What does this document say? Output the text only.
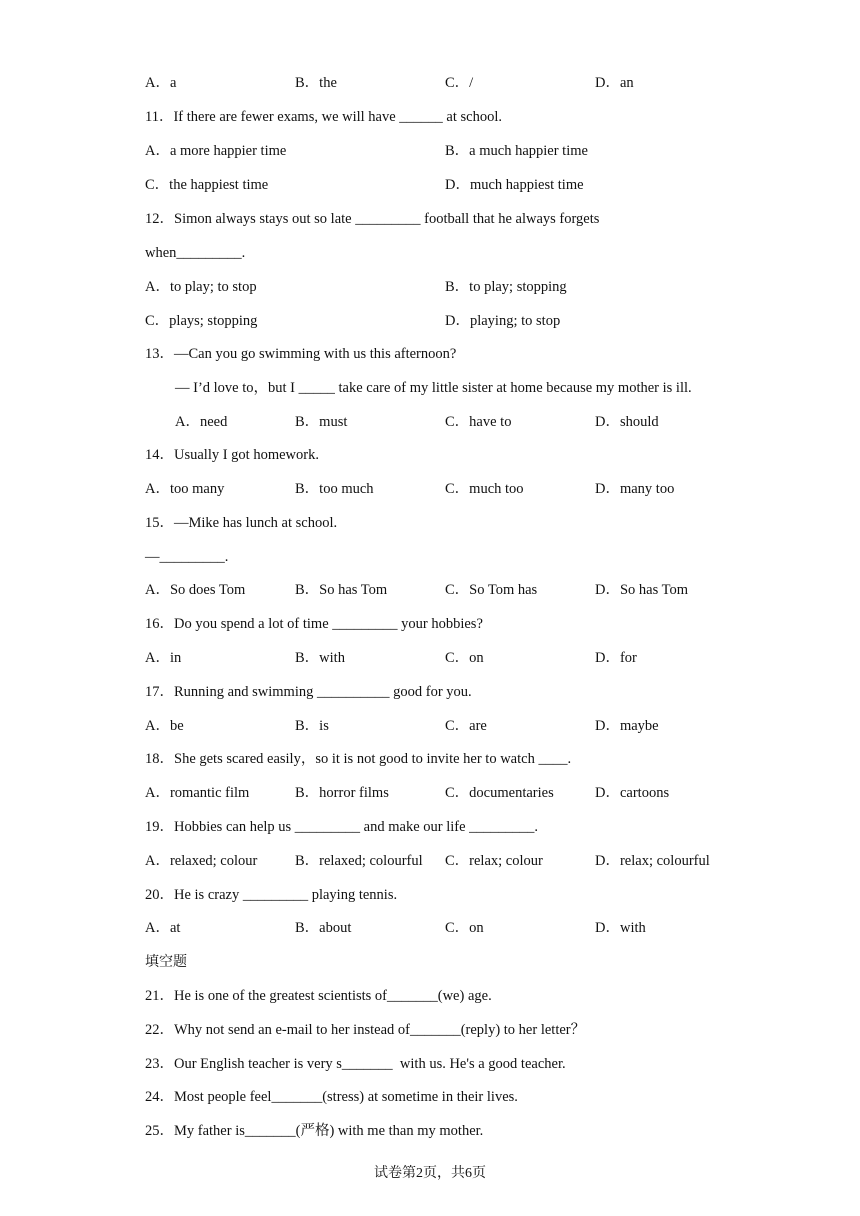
A．a	B．the	C．/	D．an
11．If there are fewer exams, we will have ______ at school.
A．a more happier time	B．a much happier time
C．the happiest time	D．much happiest time
12．Simon always stays out so late _________ football that he always forgets
when_________.
A．to play; to stop	B．to play; stopping
C．plays; stopping	D．playing; to stop
13．—Can you go swimming with us this afternoon?
— I’d love to，but I _____ take care of my little sister at home because my mother is ill.
A．need	B．must	C．have to	D．should
14．Usually I got homework.
A．too many	B．too much	C．much too	D．many too
15．—Mike has lunch at school.
—_________.
A．So does Tom	B．So has Tom	C．So Tom has	D．So has Tom
16．Do you spend a lot of time _________ your hobbies?
A．in	B．with	C．on	D．for
17．Running and swimming __________ good for you.
A．be	B．is	C．are	D．maybe
18．She gets scared easily，so it is not good to invite her to watch ____.
A．romantic film	B．horror films	C．documentaries	D．cartoons
19．Hobbies can help us _________ and make our life _________.
A．relaxed; colour	B．relaxed; colourful C．relax; colour	D．relax; colourful
20．He is crazy _________ playing tennis.
A．at	B．about	C．on	D．with
填空题
21．He is one of the greatest scientists of_______(we) age.
22．Why not send an e-mail to her instead of_______(reply) to her letter？
23．Our English teacher is very s_______  with us. He's a good teacher.
24．Most people feel_______(stress) at sometime in their lives.
25．My father is_______(严格) with me than my mother.
试卷第2页，共6页
